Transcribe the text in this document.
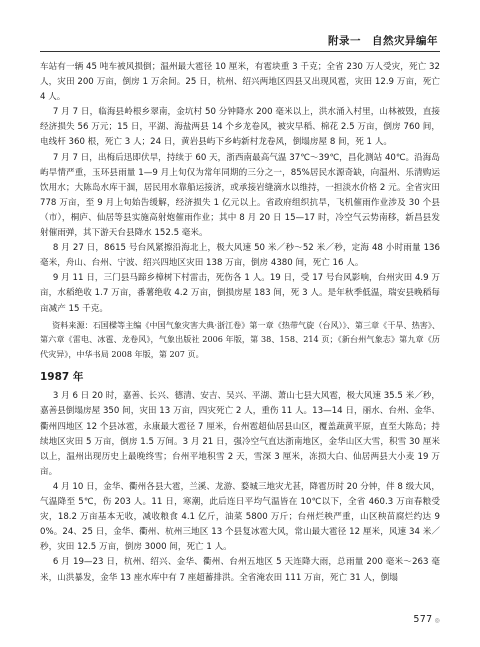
附录一　自然灾异编年

车站有一辆 45 吨车被风损倒；温州最大雹径 10 厘米，有雹块重 3 千克；全省 230 万人受灾，死亡 32 人，灾田 200 万亩，倒房 1 万余间。25 日，杭州、绍兴两地区四县又出现风雹，灾田 12.9 万亩，死亡 4 人。

7 月 7 日，临海县岭根乡翠南，金坑村 50 分钟降水 200 毫米以上，洪水涌入村里，山林被毁，直接经济损失 56 万元；15 日，平湖、海盐两县 14 个乡龙卷风，被灾早稻、棉花 2.5 万亩，倒房 760 间，电线杆 360 根，死亡 3 人；24 日，黄岩县屿下乡屿新村龙卷风，倒塌房屋 8 间，死 1 人。

7 月 7 日，出梅后迅即伏旱，持续于 60 天，浙西南最高气温 37℃～39℃，昌化测站 40℃。沿海岛屿旱情严重，玉环县雨量 1—9 月上旬仅为常年同期的三分之一，85%居民水源奇缺，向温州、乐清购运饮用水；大陈岛水库干涸，居民用水靠船运接济，或承接岩缝滴水以维持，一担淡水价格 2 元。全省灾田 778 万亩，至 9 月上旬始告缓解，经济损失 1 亿元以上。省政府组织抗旱，飞机催雨作业涉及 30 个县（市），桐庐、仙居等县实施高射炮催雨作业；其中 8 月 20 日 15—17 时，冷空气云势南移，新昌县发射催雨弹，其下游天台县降水 152.5 毫米。

8 月 27 日，8615 号台风紧擦沿海北上，极大风速 50 米／秒～52 米／秒，定海 48 小时雨量 136 毫米，舟山、台州、宁波、绍兴四地区灾田 138 万亩，倒房 4380 间，死亡 16 人。

9 月 11 日，三门县马蹄乡樟树下村雷击，死伤各 1 人。19 日，受 17 号台风影响，台州灾田 4.9 万亩，水稻绝收 1.7 万亩，番薯绝收 4.2 万亩，倒损房屋 183 间，死 3 人。是年秋季低温，瑞安县晚稻每亩减产 15 千克。

资料来源：石国樑等主编《中国气象灾害大典·浙江卷》第一章《热带气旋（台风）》、第三章《干旱、热害》、第六章《雷电、冰雹、龙卷风》，气象出版社 2006 年版，第 38、158、214 页；《新台州气象志》第九章《历代灾异》，中华书局 2008 年版，第 207 页。

1987 年

3 月 6 日 20 时，嘉善、长兴、德清、安吉、吴兴、平湖、萧山七县大风雹，极大风速 35.5 米／秒，嘉善县倒塌房屋 350 间，灾田 13 万亩，四灾死亡 2 人，重伤 11 人。13—14 日，丽水、台州、金华、衢州四地区 12 个县冰雹，永康最大雹径 7 厘米，台州雹超仙居县山区，覆盖蔬黄平原，直至大陈岛；持续地区灾田 5 万亩，倒房 1.5 万间。3 月 21 日，强冷空气直达浙南地区，金华山区大雪，积雪 30 厘米以上，温州出现历史上最晚终雪；台州平地积雪 2 天，雪深 3 厘米，冻损大白、仙居两县大小麦 19 万亩。

4 月 10 日，金华、衢州各县大雹，兰溪、龙游、婺城三地灾尤甚，降雹历时 20 分钟，伴 8 级大风，气温降至 5℃，伤 203 人。11 日，寒潮，此后连日平均气温皆在 10℃以下，全省 460.3 万亩春粮受灾，18.2 万亩基本无收，减收粮食 4.1 亿斤，油菜 5800 万斤；台州烂秧严重，山区秧苗腐烂约达 90%。24、25 日，金华、衢州、杭州三地区 13 个县复冰雹大风，常山最大雹径 12 厘米，风速 34 米／秒，灾田 12.5 万亩，倒房 3000 间，死亡 1 人。

6 月 19—23 日，杭州、绍兴、金华、衢州、台州五地区 5 天连降大雨，总雨量 200 毫米～263 毫米，山洪暴发，金华 13 座水库中有 7 座超蓄排洪。全省淹农田 111 万亩，死亡 31 人，倒塌

577 ◎
